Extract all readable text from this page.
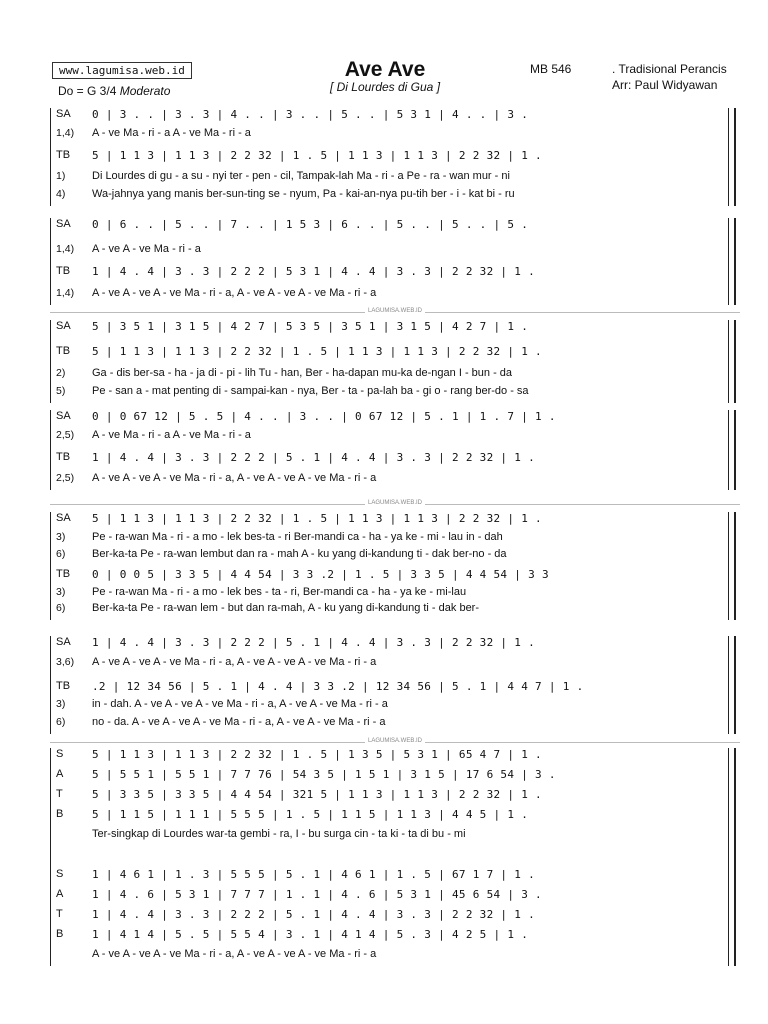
www.lagumisa.web.id
Do = G 3/4 Moderato
Ave Ave
[ Di Lourdes di Gua ]
MB 546	. Tradisional Perancis
Arr: Paul Widyawan
SA	0 | 3 . . | 3 . 3 | 4 . . | 3 . . | 5 . . | 5 3 1 | 4 . . | 3 .
1,4)	A - ve Ma - ri - a A - ve Ma - ri - a
TB	5 | 1 1 3 | 1 1 3 | 2 2 32 | 1 . 5 | 1 1 3 | 1 1 3 | 2 2 32 | 1 .
1)	Di Lourdes di gu - a su - nyi ter - pen - cil, Tampak-lah Ma - ri - a Pe - ra - wan mur - ni
4)	Wa-jahnya yang manis ber-sun-ting se - nyum, Pa - kai-an-nya pu-tih ber - i - kat bi - ru
SA	0 | 6 . . | 5 . . | 7 . . | 1 5 3 | 6 . . | 5 . . | 5 . . | 5 .
1,4)	A - ve A - ve Ma - ri - a
TB	1 | 4 . 4 | 3 . 3 | 2 2 2 | 5 3 1 | 4 . 4 | 3 . 3 | 2 2 32 | 1 .
1,4)	A - ve A - ve A - ve Ma - ri - a, A - ve A - ve A - ve Ma - ri - a
SA	5 | 3 5 1 | 3 1 5 | 4 2 7 | 5 3 5 | 3 5 1 | 3 1 5 | 4 2 7 | 1 .
TB	5 | 1 1 3 | 1 1 3 | 2 2 32 | 1 . 5 | 1 1 3 | 1 1 3 | 2 2 32 | 1 .
2)	Ga - dis ber-sa - ha - ja di - pi - lih Tu - han, Ber - ha-dapan mu-ka de-ngan I - bun - da
5)	Pe - san a - mat penting di - sampai-kan - nya, Ber - ta - pa-lah ba - gi o - rang ber-do - sa
SA	0 | 0 67 12 | 5 . 5 | 4 . . | 3 . . | 0 67 12 | 5 . 1 | 1 . 7 | 1 .
2,5)	A - ve Ma - ri - a A - ve Ma - ri - a
TB	1 | 4 . 4 | 3 . 3 | 2 2 2 | 5 . 1 | 4 . 4 | 3 . 3 | 2 2 32 | 1 .
2,5)	A - ve A - ve A - ve Ma - ri - a, A - ve A - ve A - ve Ma - ri - a
SA	5 | 1 1 3 | 1 1 3 | 2 2 32 | 1 . 5 | 1 1 3 | 1 1 3 | 2 2 32 | 1 .
3)	Pe - ra-wan Ma - ri - a mo - lek bes-ta - ri Ber-mandi ca - ha - ya ke - mi - lau in - dah
6)	Ber-ka-ta Pe - ra-wan lembut dan ra - mah A - ku yang di-kandung ti - dak ber-no - da
TB	0 | 0 0 5 | 3 3 5 | 4 4 54 | 3 3 .2 | 1 . 5 | 3 3 5 | 4 4 54 | 3 3
3)	Pe - ra-wan Ma - ri - a mo - lek bes - ta - ri, Ber-mandi ca - ha - ya ke - mi-lau
6)	Ber-ka-ta Pe - ra-wan lem - but dan ra-mah, A - ku yang di-kandung ti - dak ber-
SA	1 | 4 . 4 | 3 . 3 | 2 2 2 | 5 . 1 | 4 . 4 | 3 . 3 | 2 2 32 | 1 .
3,6)	A - ve A - ve A - ve Ma - ri - a, A - ve A - ve A - ve Ma - ri - a
TB	.2 | 12 34 56 | 5 . 1 | 4 . 4 | 3 3 .2 | 12 34 56 | 5 . 1 | 4 4 7 | 1 .
3)	in - dah. A - ve A - ve A - ve Ma - ri - a, A - ve A - ve Ma - ri - a
6)	no - da. A - ve A - ve A - ve Ma - ri - a, A - ve A - ve Ma - ri - a
S	5 | 1 1 3 | 1 1 3 | 2 2 32 | 1 . 5 | 1 3 5 | 5 3 1 | 65 4 7 | 1 .
A	5 | 5 5 1 | 5 5 1 | 7 7 76 | 54 3 5 | 1 5 1 | 3 1 5 | 17 6 54 | 3 .
T	5 | 3 3 5 | 3 3 5 | 4 4 54 | 321 5 | 1 1 3 | 1 1 3 | 2 2 32 | 1 .
B	5 | 1 1 5 | 1 1 1 | 5 5 5 | 1 . 5 | 1 1 5 | 1 1 3 | 4 4 5 | 1 .
Ter-singkap di Lourdes war-ta gembi - ra, I - bu surga cin - ta ki - ta di bu - mi
S	1 | 4 6 1 | 1 . 3 | 5 5 5 | 5 . 1 | 4 6 1 | 1 . 5 | 67 1 7 | 1 .
A	1 | 4 . 6 | 5 3 1 | 7 7 7 | 1 . 1 | 4 . 6 | 5 3 1 | 45 6 54 | 3 .
T	1 | 4 . 4 | 3 . 3 | 2 2 2 | 5 . 1 | 4 . 4 | 3 . 3 | 2 2 32 | 1 .
B	1 | 4 1 4 | 5 . 5 | 5 5 4 | 3 . 1 | 4 1 4 | 5 . 3 | 4 2 5 | 1 .
A - ve A - ve A - ve Ma - ri - a, A - ve A - ve A - ve Ma - ri - a
LAGUMISA.WEB.ID
LAGUMISA.WEB.ID
LAGUMISA.WEB.ID
